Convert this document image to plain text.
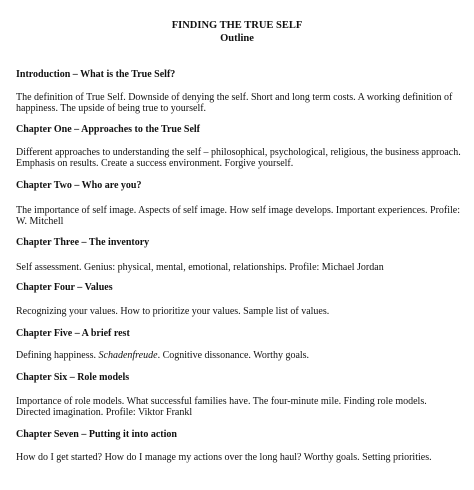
FINDING THE TRUE SELF
Outline
Introduction – What is the True Self?
The definition of True Self. Downside of denying the self. Short and long term costs. A working definition of
happiness. The upside of being true to yourself.
Chapter One – Approaches to the True Self
Different approaches to understanding the self – philosophical, psychological, religious, the business approach.
Emphasis on results. Create a success environment. Forgive yourself.
Chapter Two – Who are you?
The importance of self image. Aspects of self image. How self image develops. Important experiences. Profile:
W. Mitchell
Chapter Three – The inventory
Self assessment. Genius: physical, mental, emotional, relationships. Profile: Michael Jordan
Chapter Four – Values
Recognizing your values. How to prioritize your values. Sample list of values.
Chapter Five – A brief rest
Defining happiness. Schadenfreude. Cognitive dissonance. Worthy goals.
Chapter Six – Role models
Importance of role models. What successful families have. The four-minute mile. Finding role models.
Directed imagination. Profile: Viktor Frankl
Chapter Seven – Putting it into action
How do I get started? How do I manage my actions over the long haul? Worthy goals. Setting priorities.
